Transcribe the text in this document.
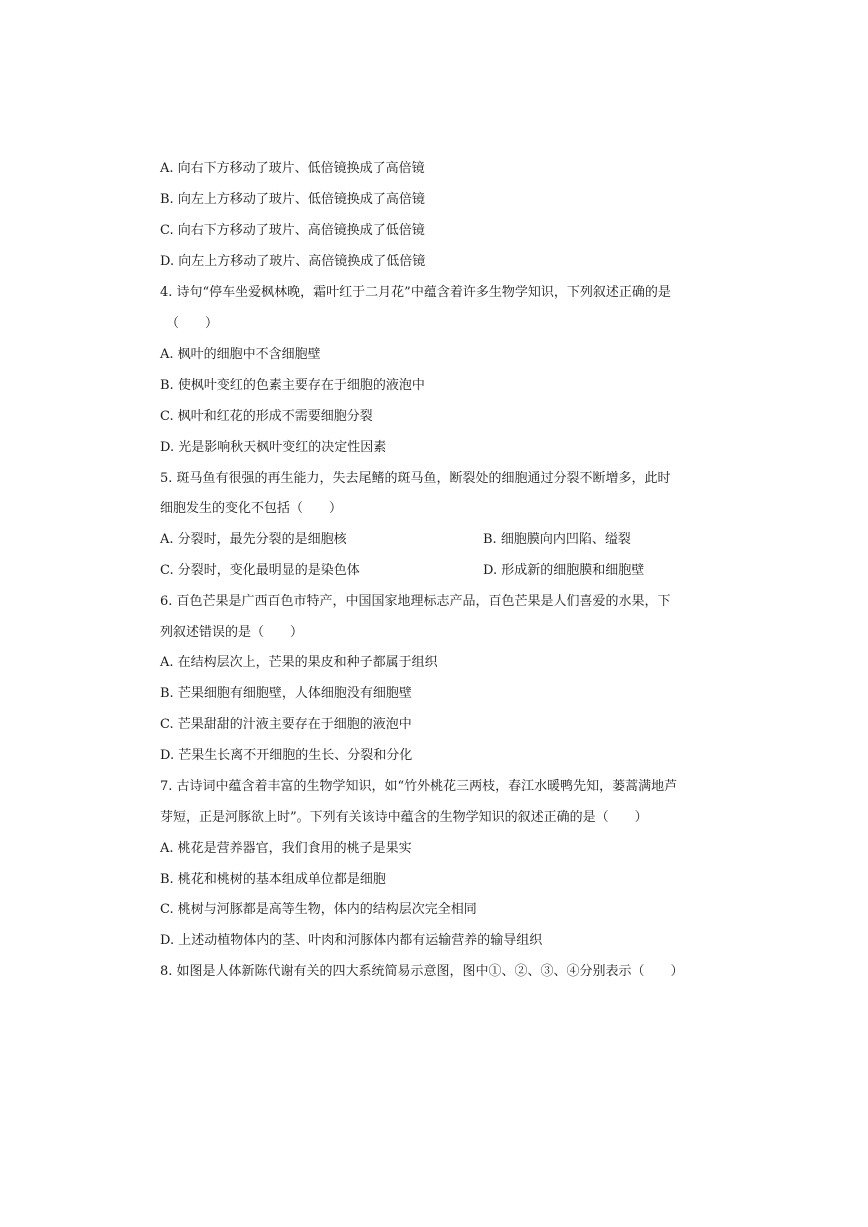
A. 向右下方移动了玻片、低倍镜换成了高倍镜
B. 向左上方移动了玻片、低倍镜换成了高倍镜
C. 向右下方移动了玻片、高倍镜换成了低倍镜
D. 向左上方移动了玻片、高倍镜换成了低倍镜
4. 诗句“停车坐爱枫林晚，霜叶红于二月花”中蕴含着许多生物学知识，下列叙述正确的是
（　　）
A. 枫叶的细胞中不含细胞壁
B. 使枫叶变红的色素主要存在于细胞的液泡中
C. 枫叶和红花的形成不需要细胞分裂
D. 光是影响秋天枫叶变红的决定性因素
5. 斑马鱼有很强的再生能力，失去尾鳍的斑马鱼，断裂处的细胞通过分裂不断增多，此时
细胞发生的变化不包括（　　）
A. 分裂时，最先分裂的是细胞核	B. 细胞膜向内凹陷、缢裂
C. 分裂时，变化最明显的是染色体	D. 形成新的细胞膜和细胞壁
6. 百色芒果是广西百色市特产，中国国家地理标志产品，百色芒果是人们喜爱的水果，下
列叙述错误的是（　　）
A. 在结构层次上，芒果的果皮和种子都属于组织
B. 芒果细胞有细胞壁，人体细胞没有细胞壁
C. 芒果甜甜的汁液主要存在于细胞的液泡中
D. 芒果生长离不开细胞的生长、分裂和分化
7. 古诗词中蕴含着丰富的生物学知识，如“竹外桃花三两枝，春江水暖鸭先知，蒌蒿满地芦
芽短，正是河豚欲上时”。下列有关该诗中蕴含的生物学知识的叙述正确的是（　　）
A. 桃花是营养器官，我们食用的桃子是果实
B. 桃花和桃树的基本组成单位都是细胞
C. 桃树与河豚都是高等生物，体内的结构层次完全相同
D. 上述动植物体内的茎、叶肉和河豚体内都有运输营养的输导组织
8. 如图是人体新陈代谢有关的四大系统简易示意图，图中①、②、③、④分别表示（　　）
